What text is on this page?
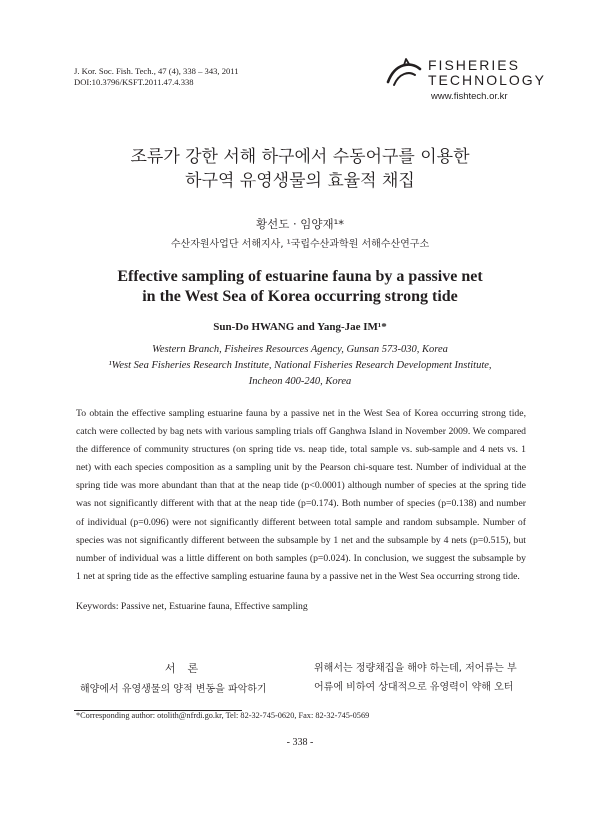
J. Kor. Soc. Fish. Tech., 47 (4), 338 – 343, 2011
DOI:10.3796/KSFT.2011.47.4.338
FISHERIES
TECHNOLOGY
www.fishtech.or.kr
조류가 강한 서해 하구에서 수동어구를 이용한
하구역 유영생물의 효율적 채집
황선도 · 임양재¹*
수산자원사업단 서해지사, ¹국립수산과학원 서해수산연구소
Effective sampling of estuarine fauna by a passive net
in the West Sea of Korea occurring strong tide
Sun-Do HWANG and Yang-Jae IM¹*
Western Branch, Fisheires Resources Agency, Gunsan 573-030, Korea
¹West Sea Fisheries Research Institute, National Fisheries Research Development Institute,
Incheon 400-240, Korea
To obtain the effective sampling estuarine fauna by a passive net in the West Sea of Korea occurring strong tide, catch were collected by bag nets with various sampling trials off Ganghwa Island in November 2009. We compared the difference of community structures (on spring tide vs. neap tide, total sample vs. sub-sample and 4 nets vs. 1 net) with each species composition as a sampling unit by the Pearson chi-square test. Number of individual at the spring tide was more abundant than that at the neap tide (p<0.0001) although number of species at the spring tide was not significantly different with that at the neap tide (p=0.174). Both number of species (p=0.138) and number of individual (p=0.096) were not significantly different between total sample and random subsample. Number of species was not significantly different between the subsample by 1 net and the subsample by 4 nets (p=0.515), but number of individual was a little different on both samples (p=0.024). In conclusion, we suggest the subsample by 1 net at spring tide as the effective sampling estuarine fauna by a passive net in the West Sea occurring strong tide.
Keywords: Passive net, Estuarine fauna, Effective sampling
서론
해양에서 유영생물의 양적 변동을 파악하기
위해서는 정량채집을 해야 하는데, 저어류는 부
어류에 비하여 상대적으로 유영력이 약해 오터
*Corresponding author: otolith@nfrdi.go.kr, Tel: 82-32-745-0620, Fax: 82-32-745-0569
- 338 -
